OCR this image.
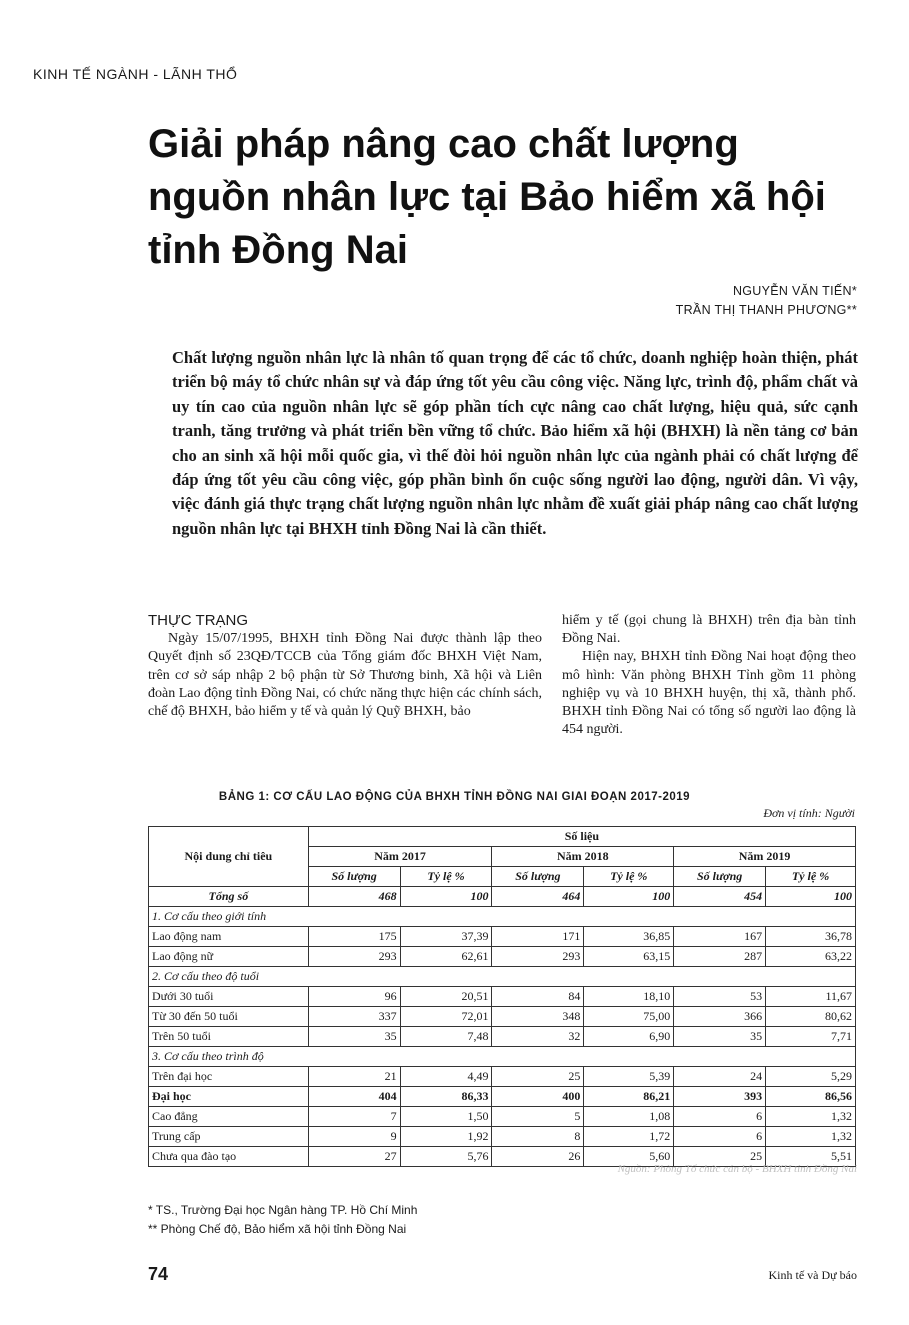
KINH TẾ NGÀNH - LÃNH THỔ
Giải pháp nâng cao chất lượng
nguồn nhân lực tại Bảo hiểm xã hội
tỉnh Đồng Nai
NGUYỄN VĂN TIẾN*
TRẦN THỊ THANH PHƯƠNG**
Chất lượng nguồn nhân lực là nhân tố quan trọng để các tổ chức, doanh nghiệp hoàn thiện, phát triển bộ máy tổ chức nhân sự và đáp ứng tốt yêu cầu công việc. Năng lực, trình độ, phẩm chất và uy tín cao của nguồn nhân lực sẽ góp phần tích cực nâng cao chất lượng, hiệu quả, sức cạnh tranh, tăng trưởng và phát triển bền vững tổ chức. Bảo hiểm xã hội (BHXH) là nền tảng cơ bản cho an sinh xã hội mỗi quốc gia, vì thế đòi hỏi nguồn nhân lực của ngành phải có chất lượng để đáp ứng tốt yêu cầu công việc, góp phần bình ổn cuộc sống người lao động, người dân. Vì vậy, việc đánh giá thực trạng chất lượng nguồn nhân lực nhằm đề xuất giải pháp nâng cao chất lượng nguồn nhân lực tại BHXH tỉnh Đồng Nai là cần thiết.

THỰC TRẠNG

Ngày 15/07/1995, BHXH tỉnh Đồng Nai được thành lập theo Quyết định số 23QĐ/TCCB của Tổng giám đốc BHXH Việt Nam, trên cơ sở sáp nhập 2 bộ phận từ Sở Thương binh, Xã hội và Liên đoàn Lao động tỉnh Đồng Nai, có chức năng thực hiện các chính sách, chế độ BHXH, bảo hiểm y tế và quản lý Quỹ BHXH, bảo

hiểm y tế (gọi chung là BHXH) trên địa bàn tỉnh Đồng Nai.

Hiện nay, BHXH tỉnh Đồng Nai hoạt động theo mô hình: Văn phòng BHXH Tỉnh gồm 11 phòng nghiệp vụ và 10 BHXH huyện, thị xã, thành phố. BHXH tỉnh Đồng Nai có tổng số người lao động là 454 người.

BẢNG 1: CƠ CẤU LAO ĐỘNG CỦA BHXH TỈNH ĐỒNG NAI GIAI ĐOẠN 2017-2019
Đơn vị tính: Người
Nội dung chỉ tiêu	Số liệu					
	Năm 2017		Năm 2018		Năm 2019	
	Số lượng	Tỷ lệ %	Số lượng	Tỷ lệ %	Số lượng	Tỷ lệ %
Tổng số	468	100	464	100	454	100
1. Cơ cấu theo giới tính						
Lao động nam	175	37,39	171	36,85	167	36,78
Lao động nữ	293	62,61	293	63,15	287	63,22
2. Cơ cấu theo độ tuổi						
Dưới 30 tuổi	96	20,51	84	18,10	53	11,67
Từ 30 đến 50 tuổi	337	72,01	348	75,00	366	80,62
Trên 50 tuổi	35	7,48	32	6,90	35	7,71
3. Cơ cấu theo trình độ						
Trên đại học	21	4,49	25	5,39	24	5,29
Đại học	404	86,33	400	86,21	393	86,56
Cao đẳng	7	1,50	5	1,08	6	1,32
Trung cấp	9	1,92	8	1,72	6	1,32
Chưa qua đào tạo	27	5,76	26	5,60	25	5,51
Nguồn: Phòng Tổ chức cán bộ - BHXH tỉnh Đồng Nai
* TS., Trường Đại học Ngân hàng TP. Hồ Chí Minh
** Phòng Chế độ, Bảo hiểm xã hội tỉnh Đồng Nai
74	Kinh tế và Dự báo
